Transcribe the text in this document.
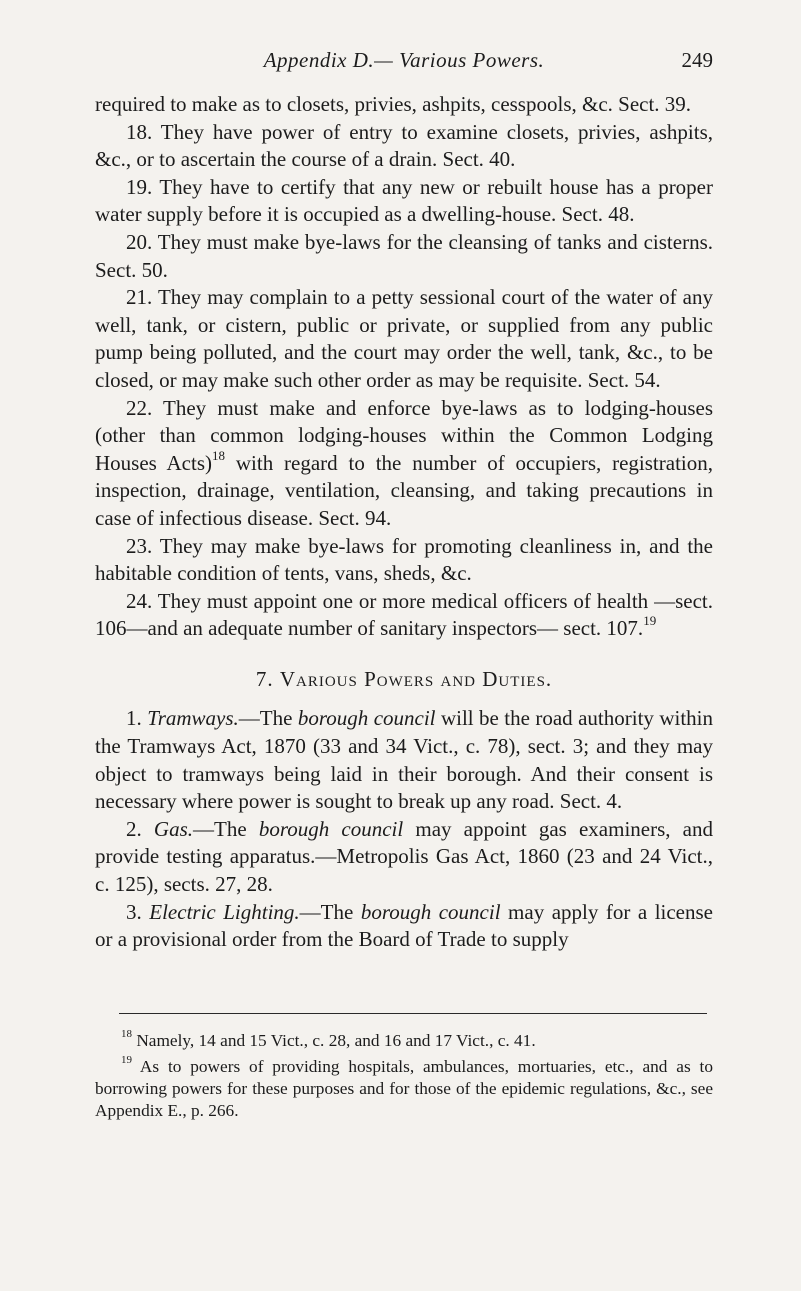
Appendix D.— Various Powers.	249

required to make as to closets, privies, ashpits, cesspools, &c. Sect. 39.

18. They have power of entry to examine closets, privies, ashpits, &c., or to ascertain the course of a drain. Sect. 40.

19. They have to certify that any new or rebuilt house has a proper water supply before it is occupied as a dwelling-house. Sect. 48.

20. They must make bye-laws for the cleansing of tanks and cisterns. Sect. 50.

21. They may complain to a petty sessional court of the water of any well, tank, or cistern, public or private, or supplied from any public pump being polluted, and the court may order the well, tank, &c., to be closed, or may make such other order as may be requisite. Sect. 54.

22. They must make and enforce bye-laws as to lodging-houses (other than common lodging-houses within the Common Lodging Houses Acts)$^{18}$ with regard to the number of occupiers, registration, inspection, drainage, ventilation, cleansing, and taking precautions in case of infectious disease. Sect. 94.

23. They may make bye-laws for promoting cleanliness in, and the habitable condition of tents, vans, sheds, &c.

24. They must appoint one or more medical officers of health —sect. 106—and an adequate number of sanitary inspectors— sect. 107.19

7. Various Powers and Duties.

1. Tramways.—The borough council will be the road authority within the Tramways Act, 1870 (33 and 34 Vict., c. 78), sect. 3; and they may object to tramways being laid in their borough. And their consent is necessary where power is sought to break up any road. Sect. 4.

2. Gas.—The borough council may appoint gas examiners, and provide testing apparatus.—Metropolis Gas Act, 1860 (23 and 24 Vict., c. 125), sects. 27, 28.

3. Electric Lighting.—The borough council may apply for a license or a provisional order from the Board of Trade to supply

$^{18}$ Namely, 14 and 15 Vict., c. 28, and 16 and 17 Vict., c. 41.

$^{19}$ As to powers of providing hospitals, ambulances, mortuaries, etc., and as to borrowing powers for these purposes and for those of the epidemic regulations, &c., see Appendix E., p. 266.
